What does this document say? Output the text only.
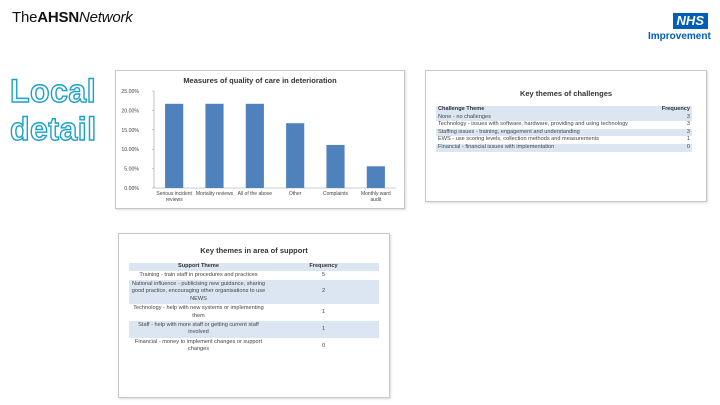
TheAHSNNetwork	NHS
Improvement
Local
detail
Measures of quality of care in deterioration
0.00%
5.00%
10.00%
15.00%
20.00%
25.00%
Serious incident reviews
Mortality reviews All of the above	Other	Complaints	Monthly ward audit
Key themes of challenges
Challenge Theme	Frequency
None - no challenges	3
Technology - issues with software, hardware, providing and using technology	3
Staffing issues - training, engagement and understanding	3
EWS - use scoring levels, collection methods and measurements	1
Financial - financial issues with implementation	0
Key themes in area of support
Support Theme	Frequency
Training - train staff in procedures and practices	5
National influence - publicising new guidance, sharing good practice, encouraging other organisations to use NEWS	2
Technology - help with new systems or implementing them	1
Staff - help with more staff or getting current staff involved	1
Financial - money to implement changes or support changes	0
